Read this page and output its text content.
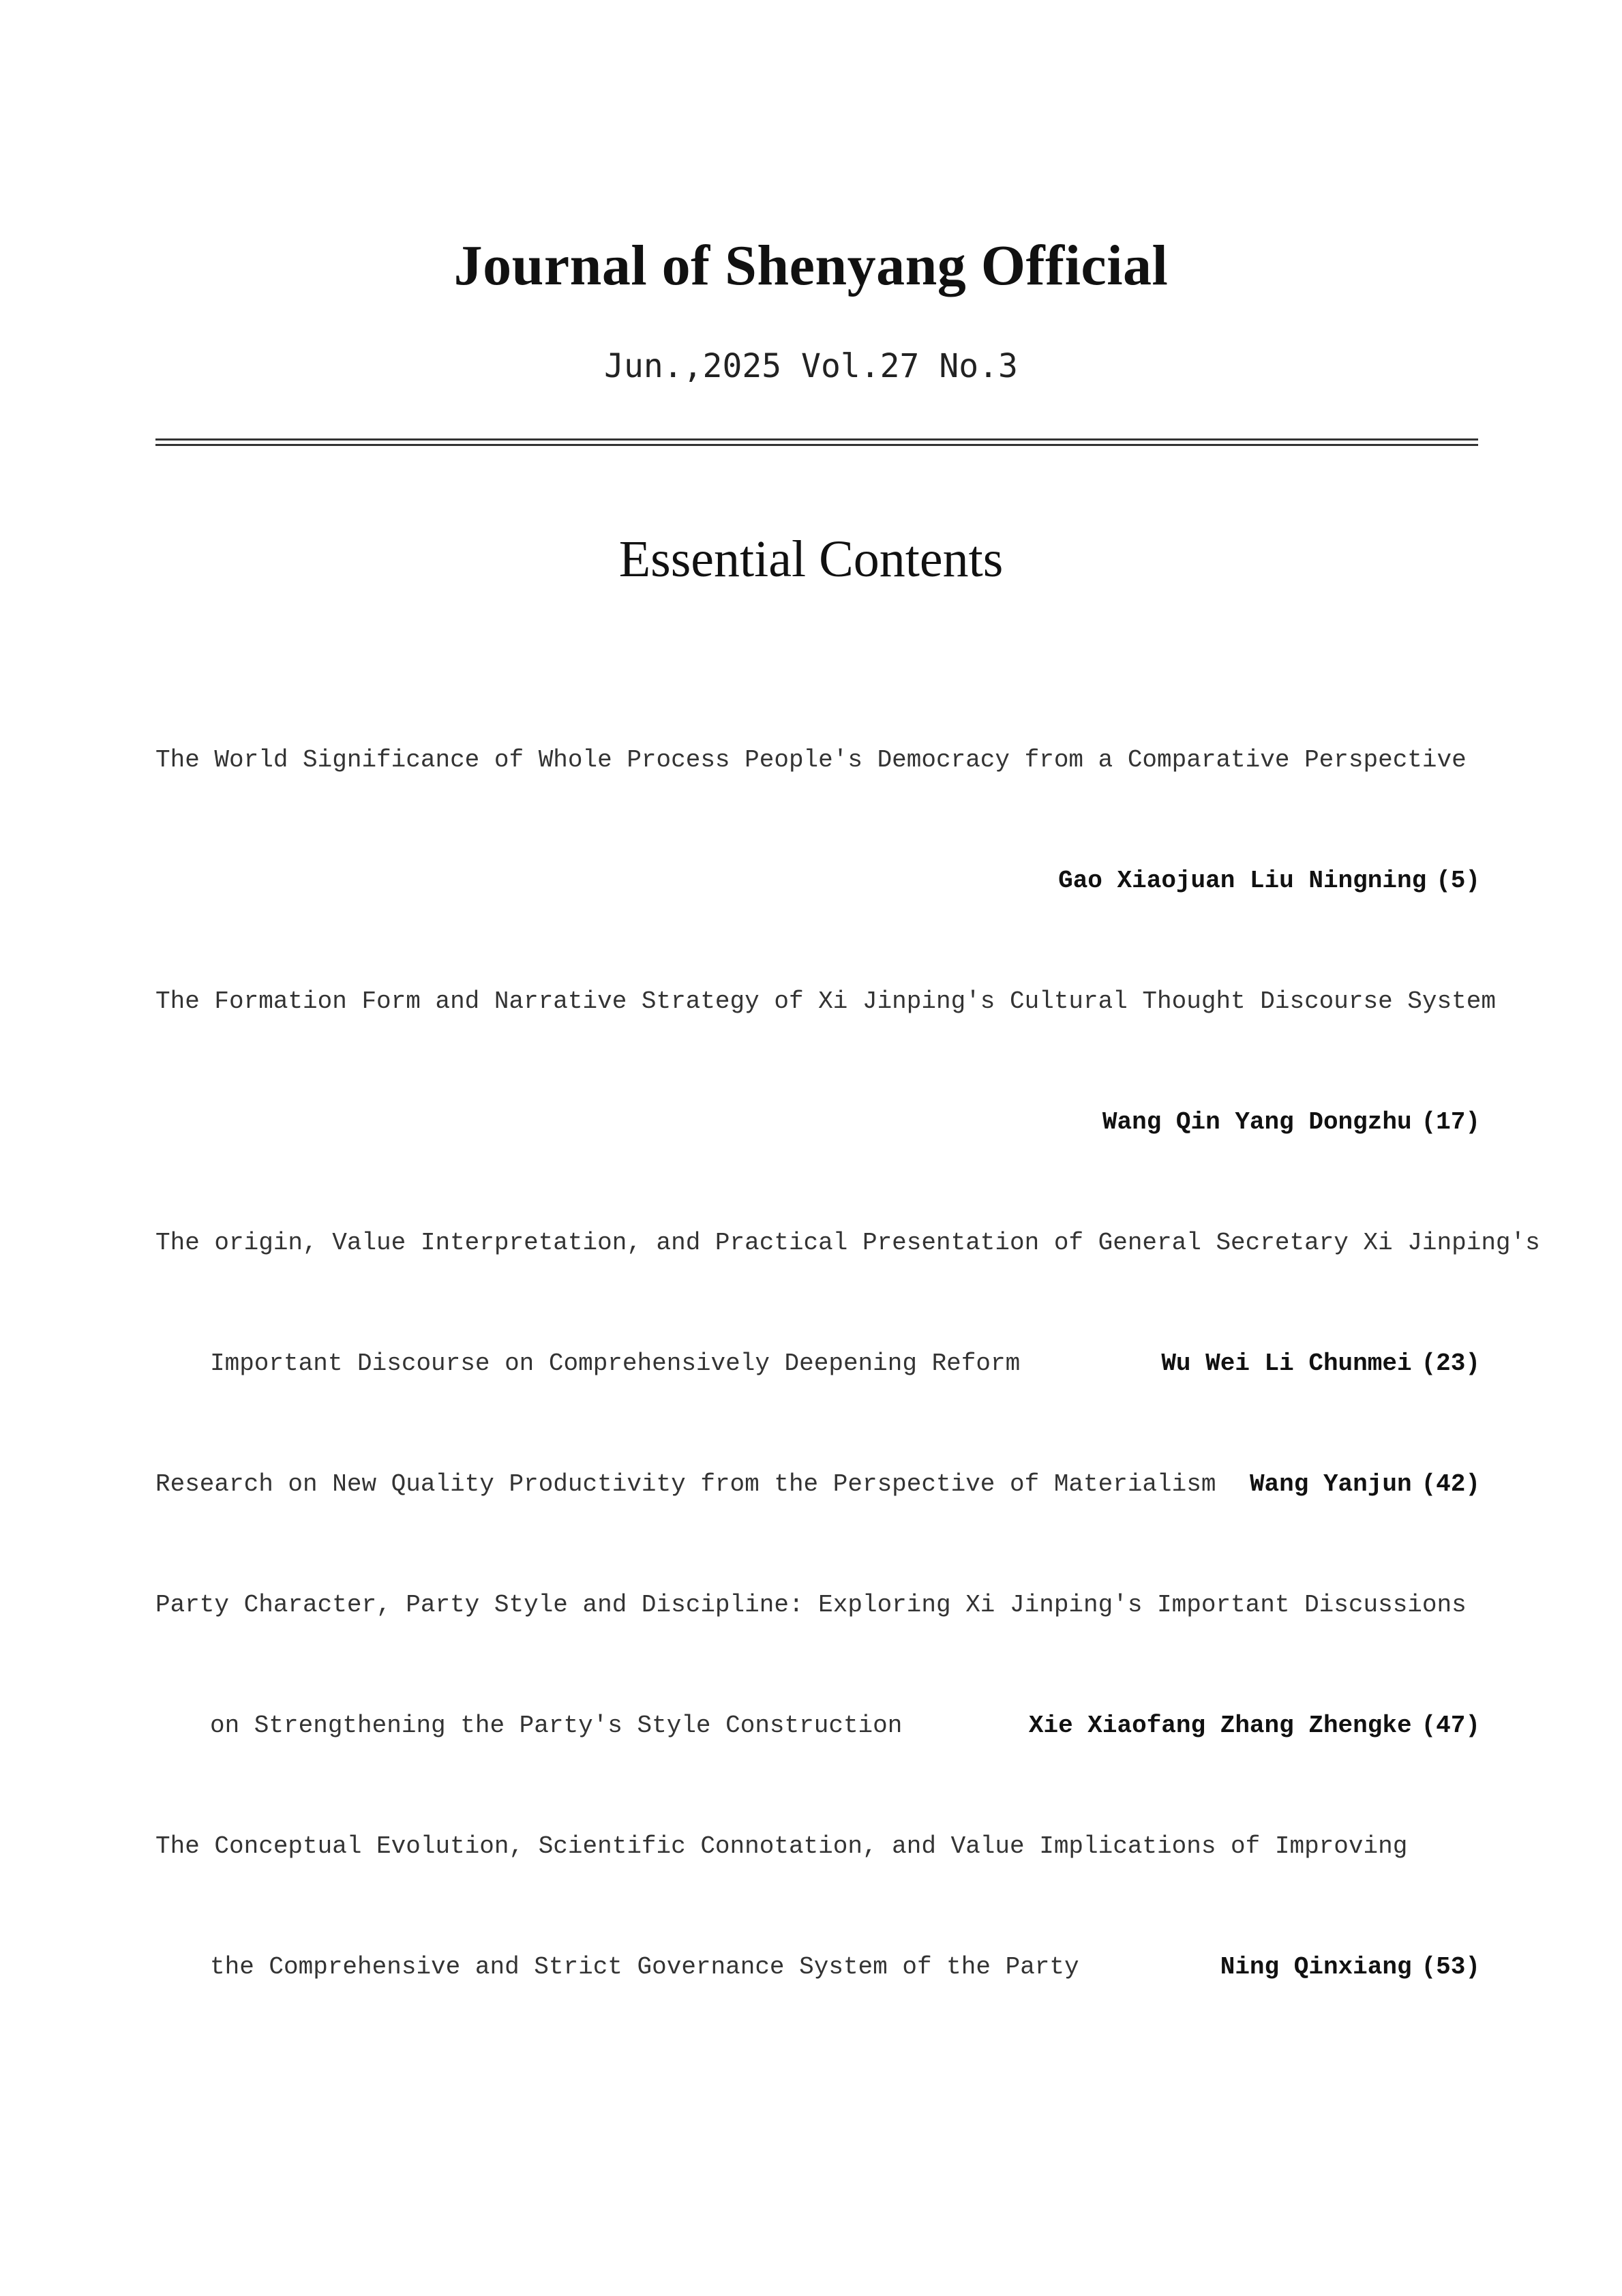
Journal of Shenyang Official
Jun.,2025 Vol.27 No.3
Essential Contents
The World Significance of Whole Process People's Democracy from a Comparative Perspective
Gao Xiaojuan Liu Ningning (5)
The Formation Form and Narrative Strategy of Xi Jinping's Cultural Thought Discourse System
Wang Qin Yang Dongzhu (17)
The origin, Value Interpretation, and Practical Presentation of General Secretary Xi Jinping's
Important Discourse on Comprehensively Deepening Reform	Wu Wei Li Chunmei (23)
Research on New Quality Productivity from the Perspective of Materialism Wang Yanjun (42)
Party Character, Party Style and Discipline: Exploring Xi Jinping's Important Discussions
on Strengthening the Party's Style Construction	Xie Xiaofang Zhang Zhengke (47)
The Conceptual Evolution, Scientific Connotation, and Value Implications of Improving
the Comprehensive and Strict Governance System of the Party	Ning Qinxiang (53)
